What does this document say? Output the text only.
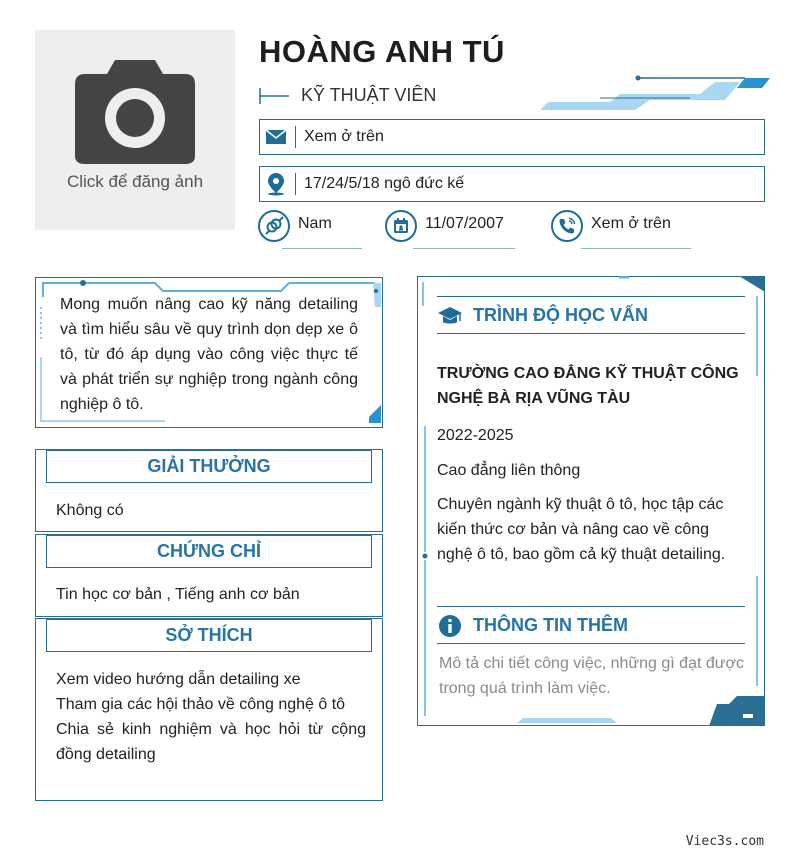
Click để đăng ảnh
HOÀNG ANH TÚ
KỸ THUẬT VIÊN
Xem ở trên
17/24/5/18 ngô đức kế
Nam	11/07/2007	Xem ở trên
Mong muốn nâng cao kỹ năng detailing và tìm hiểu sâu về quy trình dọn dẹp xe ô tô, từ đó áp dụng vào công việc thực tế và phát triển sự nghiệp trong ngành công nghiệp ô tô.
GIẢI THƯỞNG
Không có
CHỨNG CHỈ
Tin học cơ bản , Tiếng anh cơ bản
SỞ THÍCH
Xem video hướng dẫn detailing xe
Tham gia các hội thảo về công nghệ ô tô
Chia sẻ kinh nghiệm và học hỏi từ cộng đồng detailing
TRÌNH ĐỘ HỌC VẤN
TRƯỜNG CAO ĐẲNG KỸ THUẬT CÔNG NGHỆ BÀ RỊA VŨNG TÀU
2022-2025
Cao đẳng liên thông
Chuyên ngành kỹ thuật ô tô, học tập các kiến thức cơ bản và nâng cao về công nghệ ô tô, bao gồm cả kỹ thuật detailing.
THÔNG TIN THÊM
Mô tả chi tiết công việc, những gì đạt được trong quá trình làm việc.
Viec3s.com
